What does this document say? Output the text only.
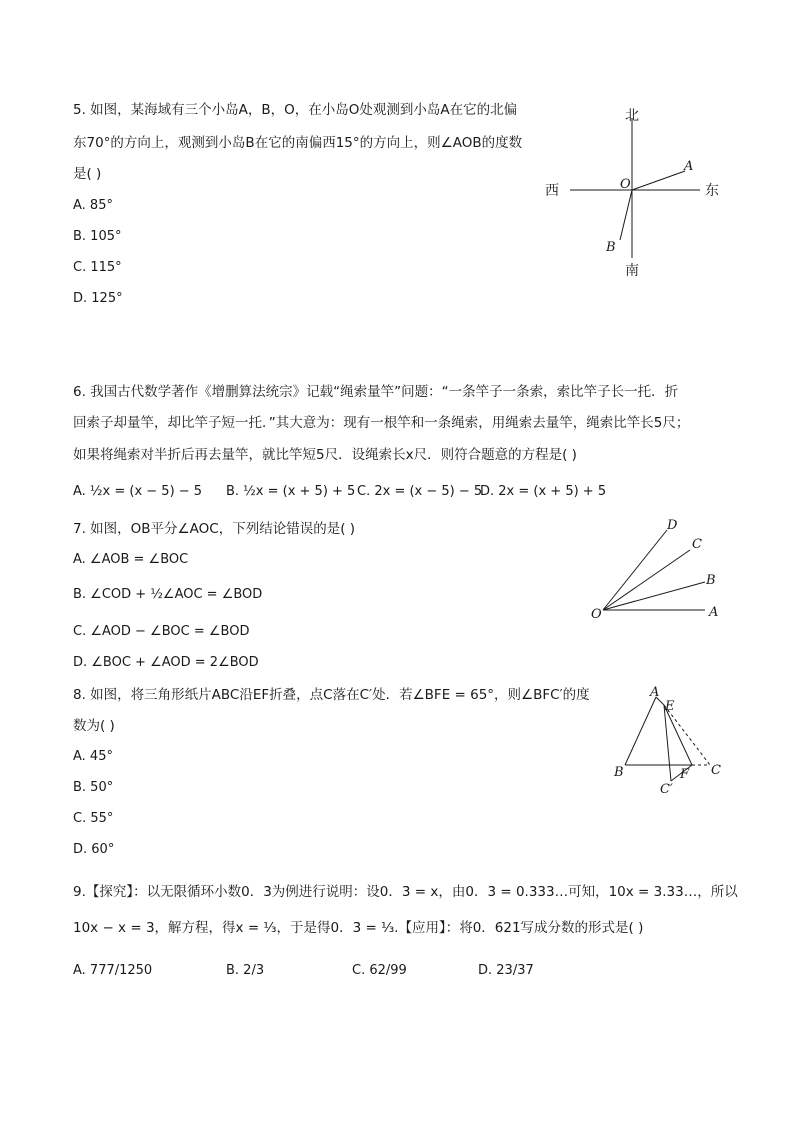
5. 如图，某海域有三个小岛A，B，O，在小岛O处观测到小岛A在它的北偏
东70°的方向上，观测到小岛B在它的南偏西15°的方向上，则∠AOB的度数
是( )
A. 85°
B. 105°
C. 115°
D. 125°
北
南
西	东
O
A
B
6. 我国古代数学著作《增删算法统宗》记载“绳索量竿”问题：“一条竿子一条索，索比竿子长一托．折
回索子却量竿，却比竿子短一托．”其大意为：现有一根竿和一条绳索，用绳索去量竿，绳索比竿长5尺；
如果将绳索对半折后再去量竿，就比竿短5尺．设绳索长x尺．则符合题意的方程是( )
A. ½x = (x − 5) − 5 B. ½x = (x + 5) + 5 C. 2x = (x − 5) − 5
D. 2x = (x + 5) + 5
7. 如图，OB平分∠AOC，下列结论错误的是( )
A. ∠AOB = ∠BOC
B. ∠COD + ½∠AOC = ∠BOD
C. ∠AOD − ∠BOC = ∠BOD
D. ∠BOC + ∠AOD = 2∠BOD
O	A
B
C
D
8. 如图，将三角形纸片ABC沿EF折叠，点C落在C′处．若∠BFE = 65°，则∠BFC′的度
数为( )
A. 45°
B. 50°
C. 55°
D. 60°
A
E
B	F C
C′
9.【探究】：以无限循环小数0．3̇为例进行说明：设0．3̇ = x，由0．3̇ = 0.333…可知，10x = 3.33…，所以
10x − x = 3，解方程，得x = ⅓，于是得0．3̇ = ⅓.【应用】：将0．6̇21̇写成分数的形式是( )
A. 777/1250	B. 2/3	C. 62/99	D. 23/37
